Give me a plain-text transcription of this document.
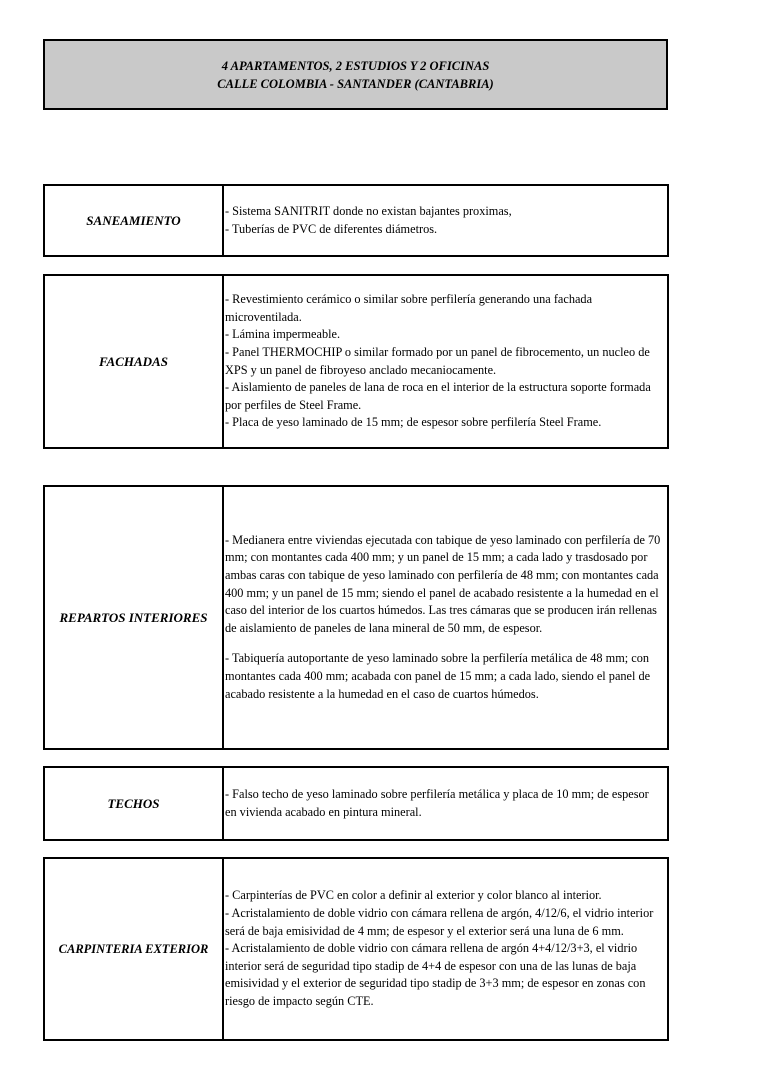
4 APARTAMENTOS, 2 ESTUDIOS Y 2 OFICINAS
CALLE COLOMBIA - SANTANDER (CANTABRIA)
SANEAMIENTO

- Sistema SANITRIT donde no existan bajantes proximas,

- Tuberías de PVC de diferentes diámetros.

FACHADAS

- Revestimiento cerámico o similar sobre perfilería generando una fachada microventilada.

- Lámina impermeable.

- Panel THERMOCHIP o similar formado por un panel de fibrocemento, un nucleo de XPS y un panel de fibroyeso anclado mecaniocamente.

- Aislamiento de paneles de lana de roca en el interior de la estructura soporte formada por perfiles de Steel Frame.

- Placa de yeso laminado de 15 mm; de espesor sobre perfilería Steel Frame.

REPARTOS INTERIORES

- Medianera entre viviendas ejecutada con tabique de yeso laminado con perfilería de 70 mm; con montantes cada 400 mm; y un panel de 15 mm; a cada lado y trasdosado por ambas caras con tabique de yeso laminado con perfilería de 48 mm; con montantes cada 400 mm; y un panel de 15 mm; siendo el panel de acabado resistente a la humedad en el caso del interior de los cuartos húmedos. Las tres cámaras que se producen irán rellenas de aislamiento de paneles de lana mineral de 50 mm, de espesor.

- Tabiquería autoportante de yeso laminado sobre la perfilería metálica de 48 mm; con montantes cada 400 mm; acabada con panel de 15 mm; a cada lado, siendo el panel de acabado resistente a la humedad en el caso de cuartos húmedos.

TECHOS

- Falso techo de yeso laminado sobre perfilería metálica y placa de 10 mm; de espesor en vivienda acabado en pintura mineral.

CARPINTERIA EXTERIOR

- Carpinterías de PVC en color a definir al exterior y color blanco al interior.

- Acristalamiento de doble vidrio con cámara rellena de argón, 4/12/6, el vidrio interior será de baja emisividad de 4 mm; de espesor y el exterior será una luna de 6 mm.

- Acristalamiento de doble vidrio con cámara rellena de argón 4+4/12/3+3, el vidrio interior será de seguridad tipo stadip de 4+4 de espesor con una de las lunas de baja emisividad y el exterior de seguridad tipo stadip de 3+3 mm; de espesor en zonas con riesgo de impacto según CTE.
